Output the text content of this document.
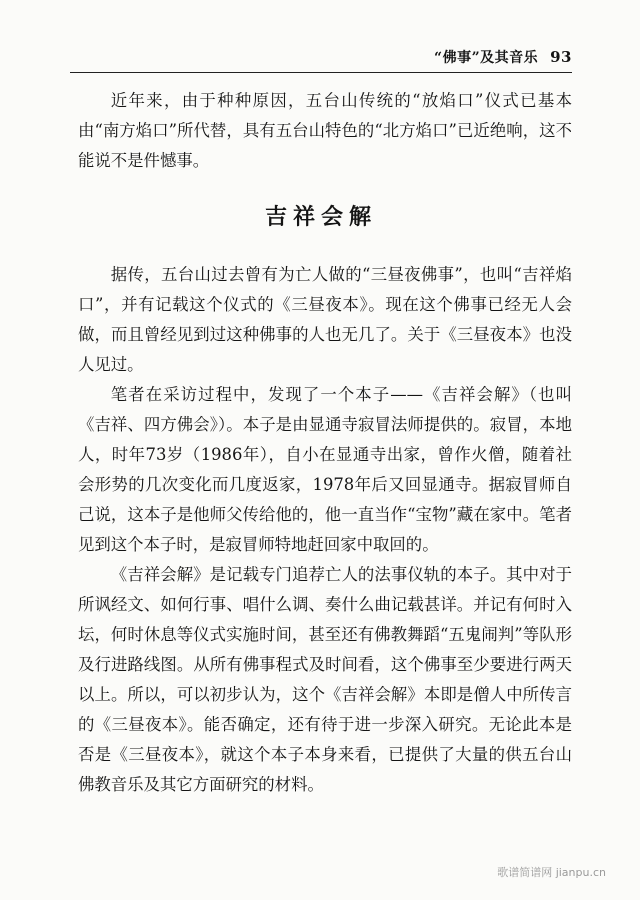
“佛事”及其音乐 93

近年来，由于种种原因，五台山传统的“放焰口”仪式已基本由“南方焰口”所代替，具有五台山特色的“北方焰口”已近绝响，这不能说不是件憾事。

吉祥会解

据传，五台山过去曾有为亡人做的“三昼夜佛事”，也叫“吉祥焰口”，并有记载这个仪式的《三昼夜本》。现在这个佛事已经无人会做，而且曾经见到过这种佛事的人也无几了。关于《三昼夜本》也没人见过。

笔者在采访过程中，发现了一个本子——《吉祥会解》（也叫《吉祥、四方佛会》）。本子是由显通寺寂冒法师提供的。寂冒，本地人，时年73岁（1986年），自小在显通寺出家，曾作火僧，随着社会形势的几次变化而几度返家，1978年后又回显通寺。据寂冒师自己说，这本子是他师父传给他的，他一直当作“宝物”藏在家中。笔者见到这个本子时，是寂冒师特地赶回家中取回的。

《吉祥会解》是记载专门追荐亡人的法事仪轨的本子。其中对于所讽经文、如何行事、唱什么调、奏什么曲记载甚详。并记有何时入坛，何时休息等仪式实施时间，甚至还有佛教舞蹈“五鬼闹判”等队形及行进路线图。从所有佛事程式及时间看，这个佛事至少要进行两天以上。所以，可以初步认为，这个《吉祥会解》本即是僧人中所传言的《三昼夜本》。能否确定，还有待于进一步深入研究。无论此本是否是《三昼夜本》，就这个本子本身来看，已提供了大量的供五台山佛教音乐及其它方面研究的材料。

歌谱简谱网 jianpu.cn
